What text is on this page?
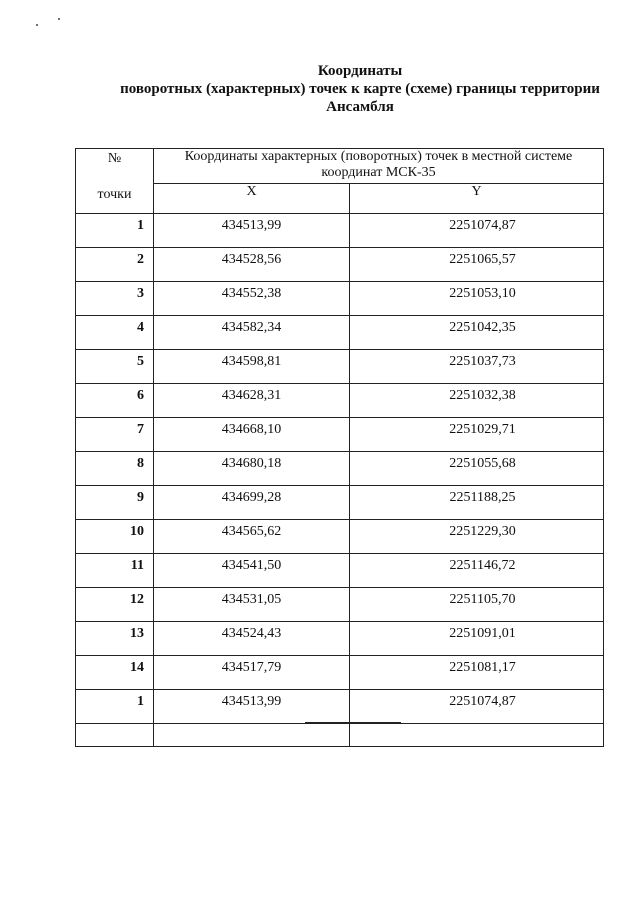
Координаты
поворотных (характерных) точек к карте (схеме) границы территории
Ансамбля
№
точки	Координаты характерных (поворотных) точек в местной системе координат МСК-35	
	X	Y
1	434513,99	2251074,87
2	434528,56	2251065,57
3	434552,38	2251053,10
4	434582,34	2251042,35
5	434598,81	2251037,73
6	434628,31	2251032,38
7	434668,10	2251029,71
8	434680,18	2251055,68
9	434699,28	2251188,25
10	434565,62	2251229,30
11	434541,50	2251146,72
12	434531,05	2251105,70
13	434524,43	2251091,01
14	434517,79	2251081,17
1	434513,99	2251074,87
